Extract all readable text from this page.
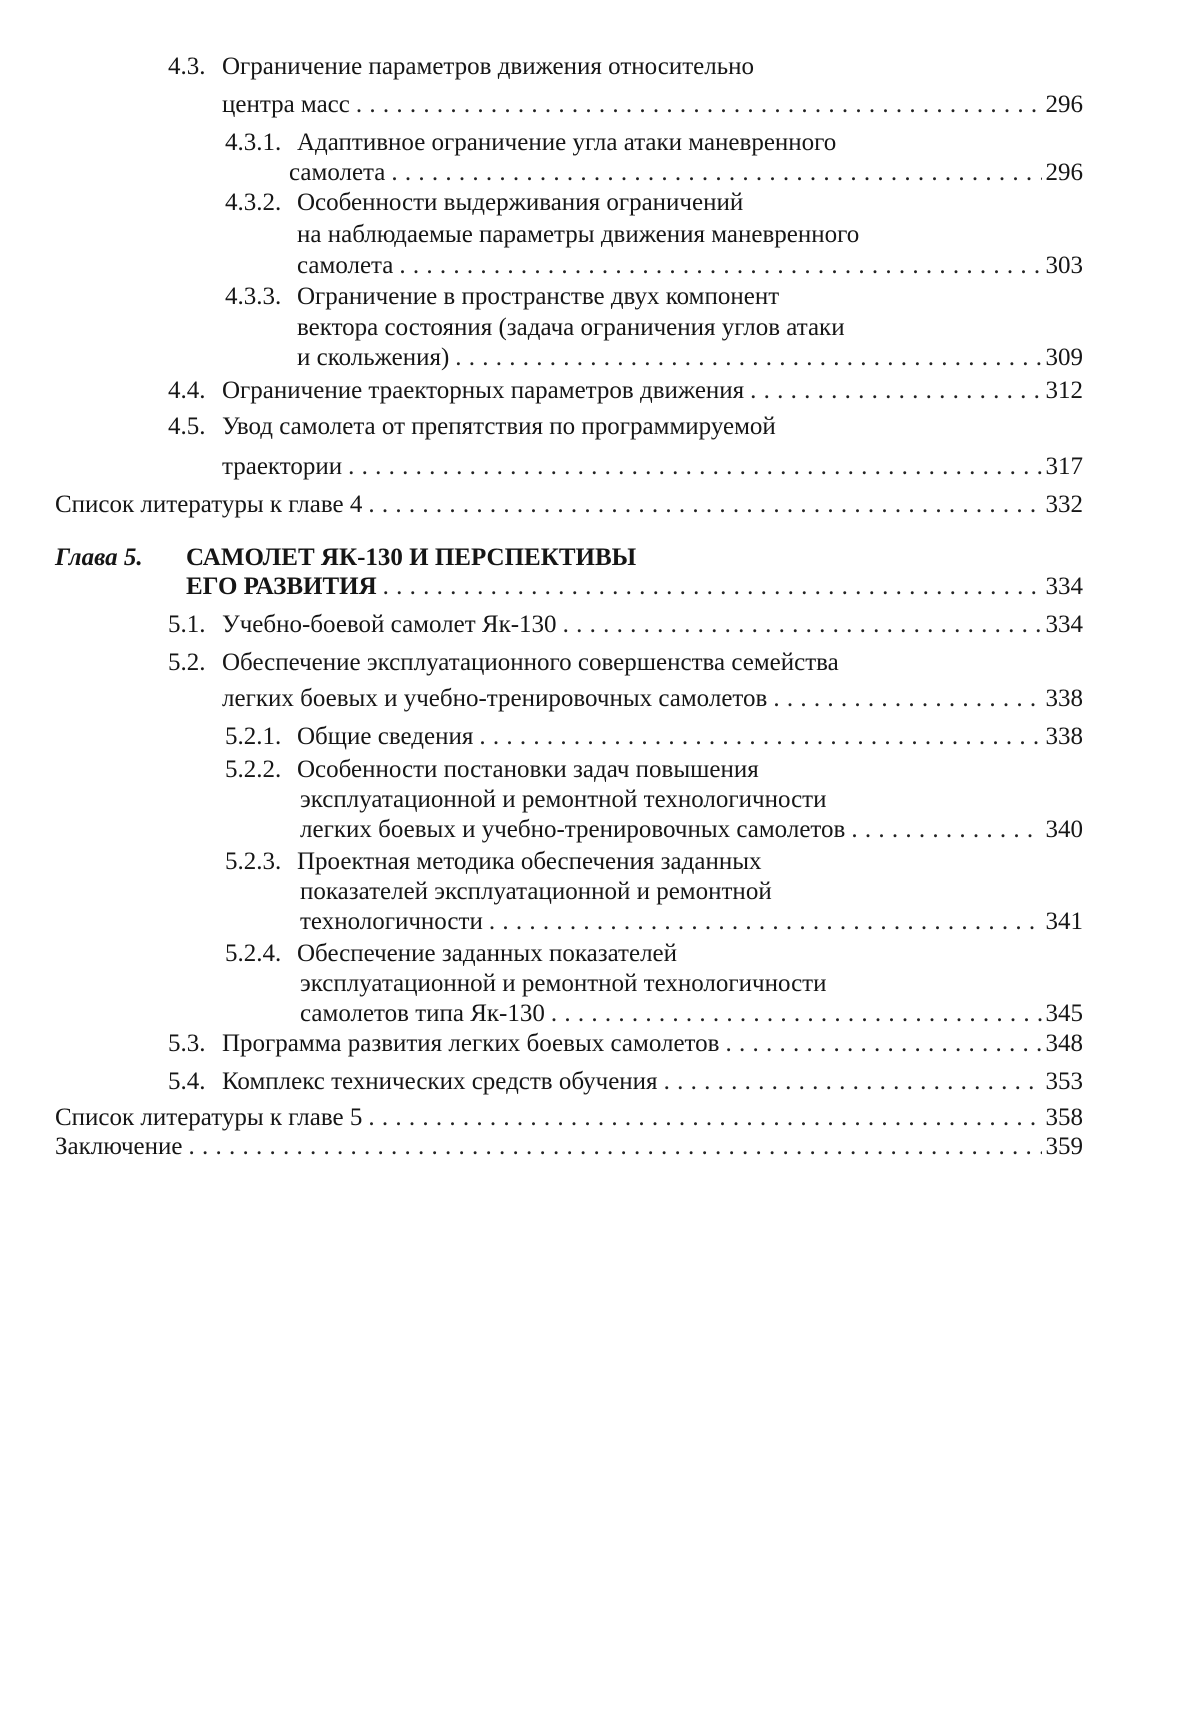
4.3. Ограничение параметров движения относительно
центра масс . . .	296
4.3.1. Адаптивное ограничение угла атаки маневренного
самолета . . .	296
4.3.2. Особенности выдерживания ограничений
на наблюдаемые параметры движения маневренного
самолета . . .	303
4.3.3. Ограничение в пространстве двух компонент
вектора состояния (задача ограничения углов атаки
и скольжения) . . .	309
4.4. Ограничение траекторных параметров движения . . .	312
4.5. Увод самолета от препятствия по программируемой
траектории . . .	317
Список литературы к главе 4 . . .	332
Глава 5. САМОЛЕТ ЯК-130 И ПЕРСПЕКТИВЫ
ЕГО РАЗВИТИЯ . . .	334
5.1. Учебно-боевой самолет Як-130 . . .	334
5.2. Обеспечение эксплуатационного совершенства семейства
легких боевых и учебно-тренировочных самолетов . . .	338
5.2.1. Общие сведения . . .	338
5.2.2. Особенности постановки задач повышения
эксплуатационной и ремонтной технологичности
легких боевых и учебно-тренировочных самолетов . . .	340
5.2.3. Проектная методика обеспечения заданных
показателей эксплуатационной и ремонтной
технологичности . . .	341
5.2.4. Обеспечение заданных показателей
эксплуатационной и ремонтной технологичности
самолетов типа Як-130 . . .	345
5.3. Программа развития легких боевых самолетов . . .	348
5.4. Комплекс технических средств обучения . . .	353
Список литературы к главе 5 . . .	358
Заключение . . .	359
